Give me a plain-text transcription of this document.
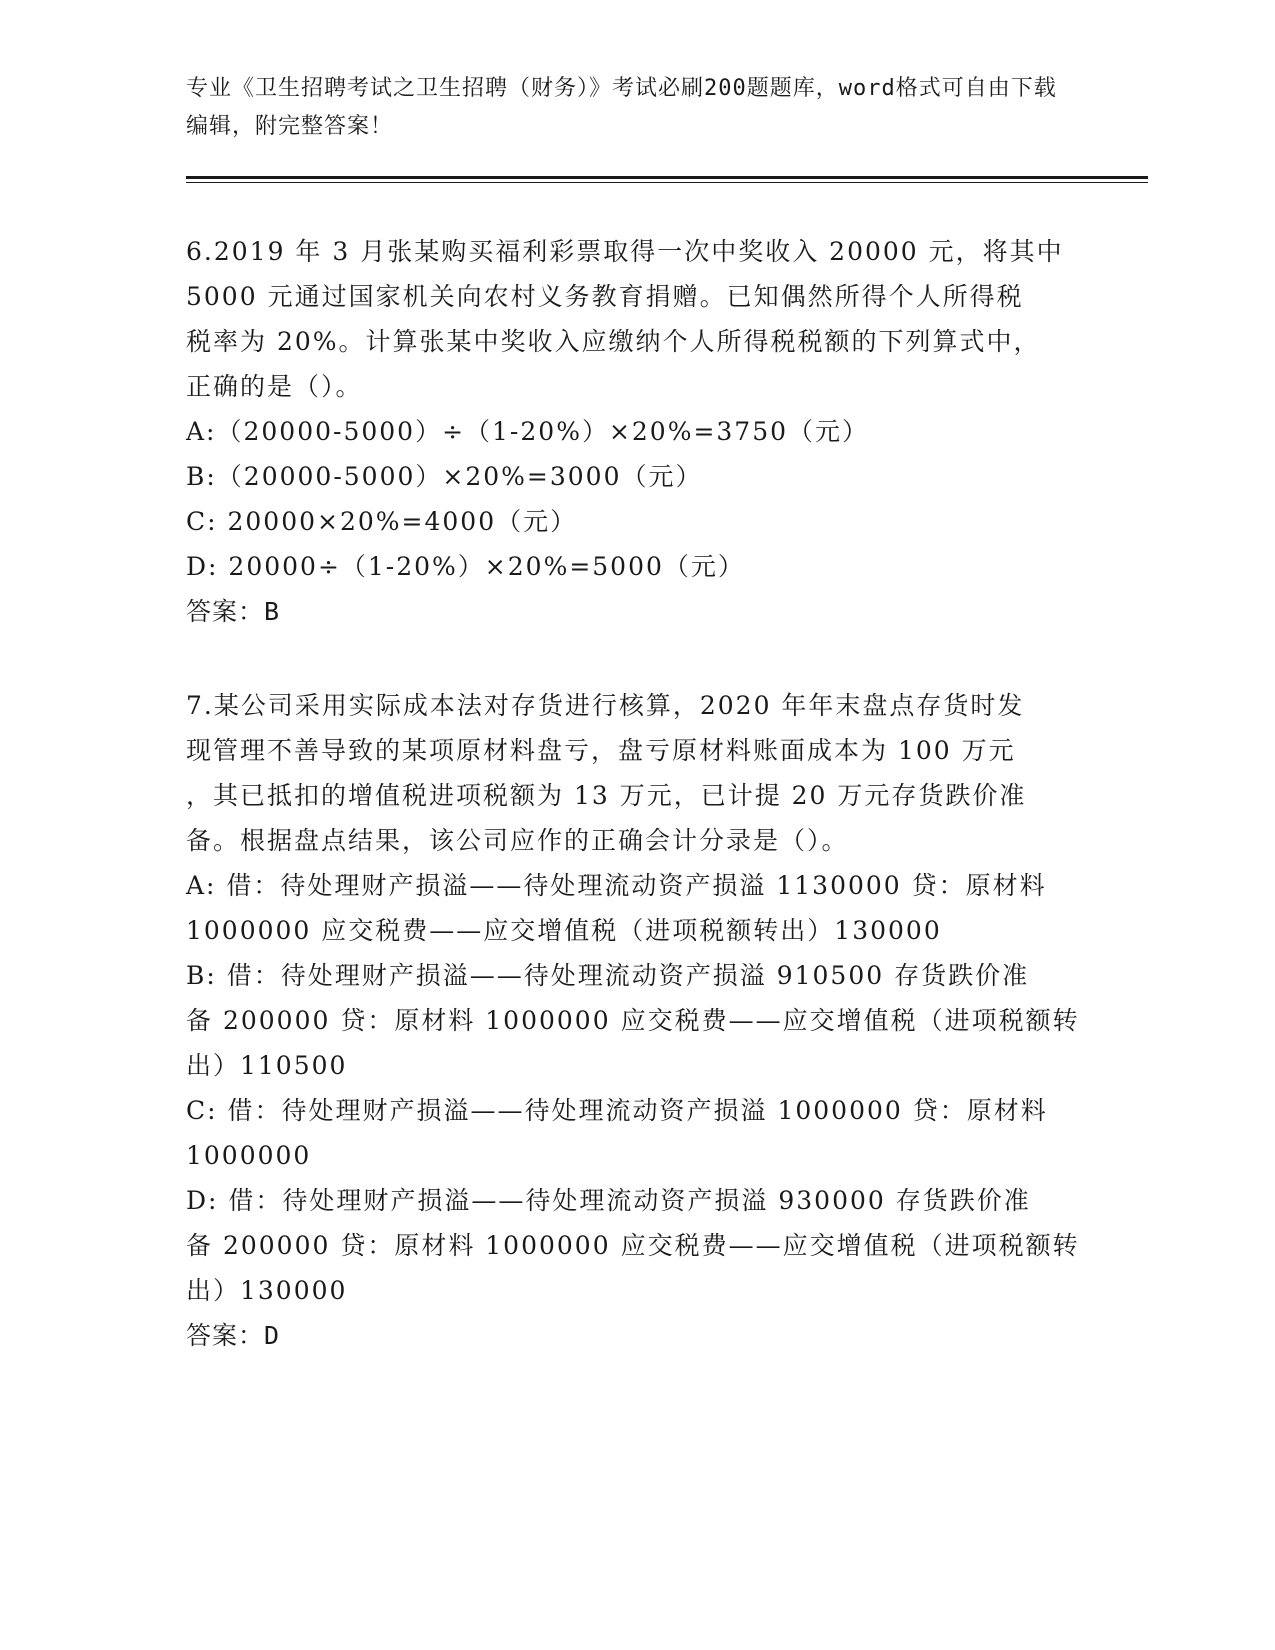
专业《卫生招聘考试之卫生招聘（财务）》考试必刷200题题库，word格式可自由下载编辑，附完整答案！
6.2019 年 3 月张某购买福利彩票取得一次中奖收入 20000 元，将其中
5000 元通过国家机关向农村义务教育捐赠。已知偶然所得个人所得税
税率为 20%。计算张某中奖收入应缴纳个人所得税税额的下列算式中，
正确的是（）。
A:（20000-5000）÷（1-20%）×20%=3750（元）
B:（20000-5000）×20%=3000（元）
C: 20000×20%=4000（元）
D: 20000÷（1-20%）×20%=5000（元）
答案：B
7.某公司采用实际成本法对存货进行核算，2020 年年末盘点存货时发
现管理不善导致的某项原材料盘亏，盘亏原材料账面成本为 100 万元
，其已抵扣的增值税进项税额为 13 万元，已计提 20 万元存货跌价准
备。根据盘点结果，该公司应作的正确会计分录是（）。
A: 借：待处理财产损溢——待处理流动资产损溢 1130000 贷：原材料
1000000 应交税费——应交增值税（进项税额转出）130000
B: 借：待处理财产损溢——待处理流动资产损溢 910500 存货跌价准
备 200000 贷：原材料 1000000 应交税费——应交增值税（进项税额转
出）110500
C: 借：待处理财产损溢——待处理流动资产损溢 1000000 贷：原材料
1000000
D: 借：待处理财产损溢——待处理流动资产损溢 930000 存货跌价准
备 200000 贷：原材料 1000000 应交税费——应交增值税（进项税额转
出）130000
答案：D
